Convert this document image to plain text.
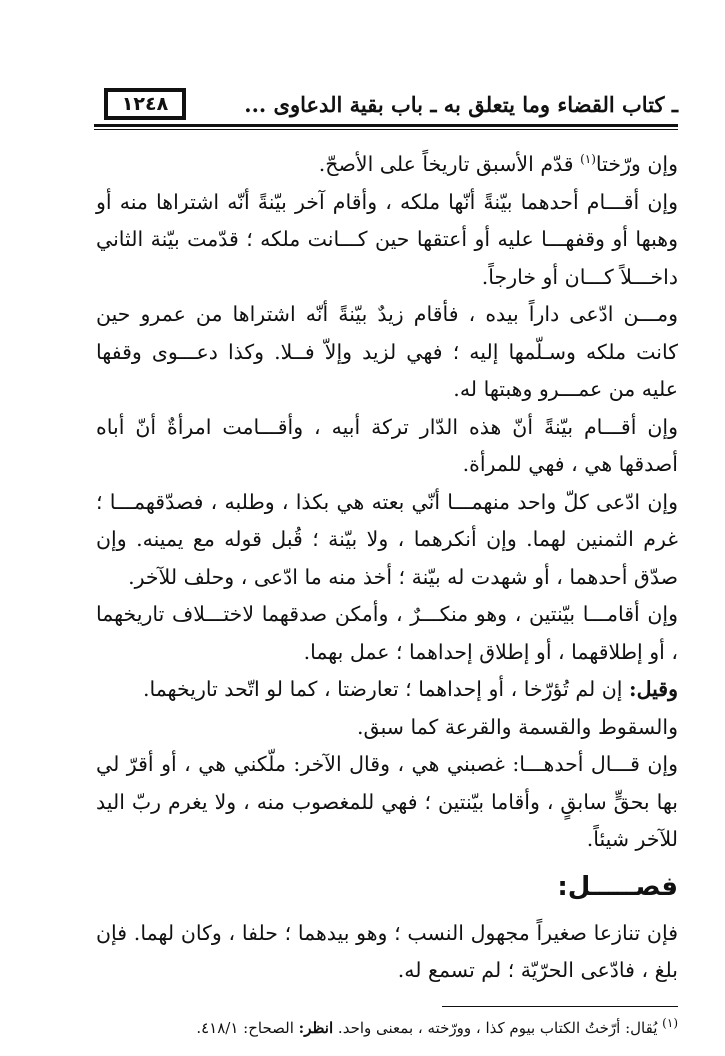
١٢٤٨	ـ كتاب القضاء وما يتعلق به ـ باب بقية الدعاوى ...

وإن ورّختا$^{(١)}$ قدّم الأسبق تاريخاً على الأصحّ.

وإن أقـــام أحدهما بيّنةً أنّها ملكه ، وأقام آخر بيّنةً أنّه اشتراها منه أو وهبها أو وقفهـــا عليه أو أعتقها حين كـــانت ملكه ؛ قدّمت بيّنة الثاني داخـــلاً كـــان أو خارجاً.

ومـــن ادّعى داراً بيده ، فأقام زيدٌ بيّنةً أنّه اشتراها من عمرو حين كانت ملكه وسـلّمها إليه ؛ فهي لزيد وإلاّ فــلا. وكذا دعـــوى وقفها عليه من عمـــرو وهبتها له.

وإن أقـــام بيّنةً أنّ هذه الدّار تركة أبيه ، وأقـــامت امرأةٌ أنّ أباه أصدقها هي ، فهي للمرأة.

وإن ادّعى كلّ واحد منهمـــا أنّي بعته هي بكذا ، وطلبه ، فصدّقهمـــا ؛ غرم الثمنين لهما. وإن أنكرهما ، ولا بيّنة ؛ قُبل قوله مع يمينه. وإن صدّق أحدهما ، أو شهدت له بيّنة ؛ أخذ منه ما ادّعى ، وحلف للآخر.

وإن أقامـــا بيّنتين ، وهو منكـــرٌ ، وأمكن صدقهما لاختـــلاف تاريخهما ، أو إطلاقهما ، أو إطلاق إحداهما ؛ عمل بهما.

وقيل: إن لم تُؤرّخا ، أو إحداهما ؛ تعارضتا ، كما لو اتّحد تاريخهما.

والسقوط والقسمة والقرعة كما سبق.

وإن قـــال أحدهـــا: غصبني هي ، وقال الآخر: ملّكني هي ، أو أقرّ لي بها بحقٍّ سابقٍ ، وأقاما بيّنتين ؛ فهي للمغصوب منه ، ولا يغرم ربّ اليد للآخر شيئاً.

فصـــــل:

فإن تنازعا صغيراً مجهول النسب ؛ وهو بيدهما ؛ حلفا ، وكان لهما. فإن بلغ ، فادّعى الحرّيّة ؛ لم تسمع له.

$^{(١)}$ يُقال: أرّختُ الكتاب بيوم كذا ، وورّخته ، بمعنى واحد. انظر: الصحاح: ٤١٨/١.
